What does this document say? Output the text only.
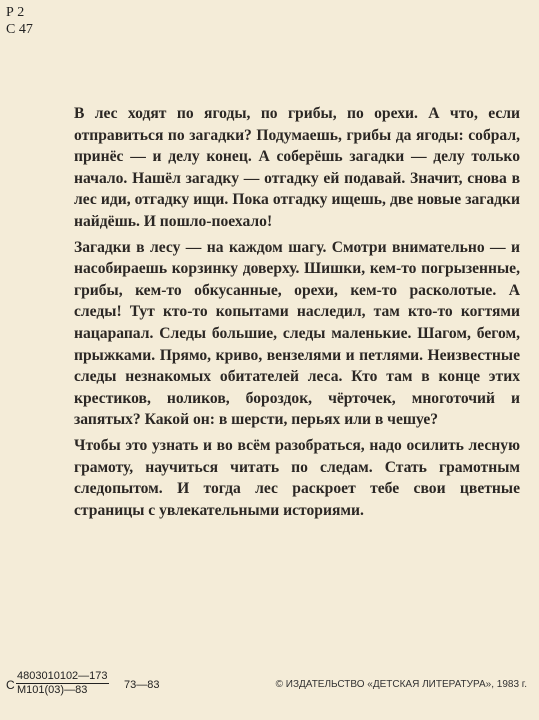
Р 2
С 47

В лес ходят по ягоды, по грибы, по орехи. А что, если отправиться по загадки? Подумаешь, грибы да ягоды: собрал, принёс — и делу конец. А соберёшь загадки — делу только начало. Нашёл загадку — отгадку ей подавай. Значит, снова в лес иди, отгадку ищи. Пока отгадку ищешь, две новые загадки найдёшь. И пошло-поехало!

Загадки в лесу — на каждом шагу. Смотри внимательно — и насобираешь корзинку доверху. Шишки, кем-то погрызенные, грибы, кем-то обкусанные, орехи, кем-то расколотые. А следы! Тут кто-то копытами наследил, там кто-то когтями нацарапал. Следы большие, следы маленькие. Шагом, бегом, прыжками. Прямо, криво, вензелями и петлями. Неизвестные следы незнакомых обитателей леса. Кто там в конце этих крестиков, ноликов, бороздок, чёрточек, многоточий и запятых? Какой он: в шерсти, перьях или в чешуе?

Чтобы это узнать и во всём разобраться, надо осилить лесную грамоту, научиться читать по следам. Стать грамотным следопытом. И тогда лес раскроет тебе свои цветные страницы с увлекательными историями.

С
4803010102—173
М101(03)—83	73—83	© ИЗДАТЕЛЬСТВО «ДЕТСКАЯ ЛИТЕРАТУРА», 1983 г.
